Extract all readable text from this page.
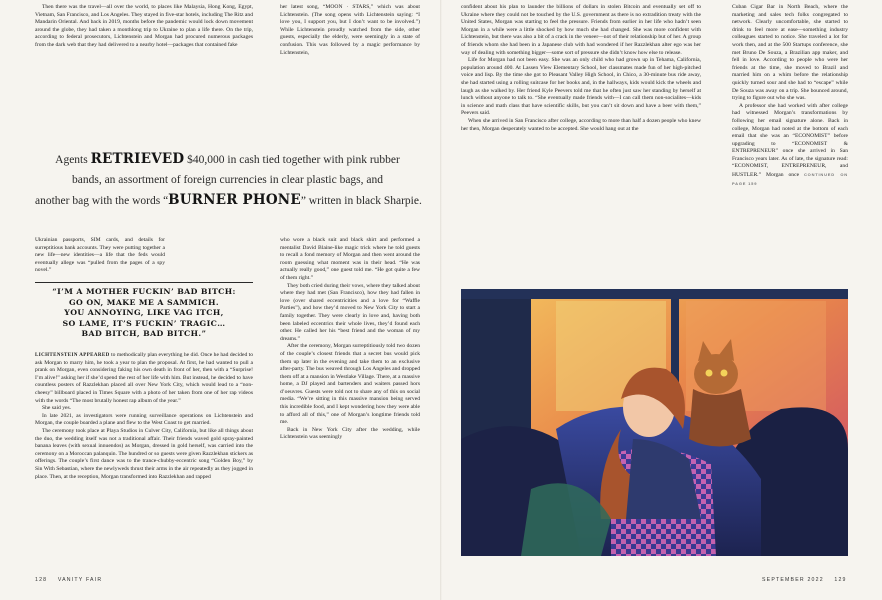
Then there was the travel—all over the world, to places like Malaysia, Hong Kong, Egypt, Vietnam, San Francisco, and Los Angeles. They stayed in five-star hotels, including The Ritz and Mandarin Oriental. And back in 2019, months before the pandemic would lock down movement around the globe, they had taken a monthlong trip to Ukraine to plan a life there. On the trip, according to federal prosecutors, Lichtenstein and Morgan had procured numerous packages from the dark web that they had delivered to a nearby hotel—packages that contained fake

her latest song, “MOON · STARS,” which was about Lichtenstein. (The song opens with Lichtenstein saying: “I love you, I support you, but I don’t want to be involved.”) While Lichtenstein proudly watched from the side, other guests, especially the elderly, were seemingly in a state of confusion. This was followed by a magic performance by Lichtenstein,

Agents RETRIEVED $40,000 in cash tied together with pink rubber
bands, an assortment of foreign currencies in clear plastic bags, and
another bag with the words “BURNER PHONE” written in black Sharpie.

Ukrainian passports, SIM cards, and details for surreptitious bank accounts. They were putting together a new life—new identities—a life that the feds would eventually allege was “pulled from the pages of a spy novel.”

“I’M A MOTHER FUCKIN’ BAD BITCH:
GO ON, MAKE ME A SAMMICH.
YOU ANNOYING, LIKE VAG ITCH,
SO LAME, IT’S FUCKIN’ TRAGIC…
BAD BITCH, BAD BITCH.”

LICHTENSTEIN APPEARED to methodically plan everything he did. Once he had decided to ask Morgan to marry him, he took a year to plan the proposal. At first, he had wanted to pull a prank on Morgan, even considering faking his own death in front of her, then with a “Surprise! I’m alive!” asking her if she’d spend the rest of her life with him. But instead, he decided to have countless posters of Razzlekhan placed all over New York City, which would lead to a “non-cheesy” billboard placed in Times Square with a photo of her taken from one of her rap videos with the words “The most brutally honest rap album of the year.”

She said yes.

In late 2021, as investigators were running surveillance operations on Lichtenstein and Morgan, the couple boarded a plane and flew to the West Coast to get married.

The ceremony took place at Playa Studios in Culver City, California, but like all things about the duo, the wedding itself was not a traditional affair. Their friends waved gold spray-painted banana leaves (with sexual innuendos) as Morgan, dressed in gold herself, was carried into the ceremony on a Moroccan palanquin. The hundred or so guests were given Razzlekhan stickers as offerings. The couple’s first dance was to the trance-chubby-eccentric song “Golden Boy,” by Sin With Sebastian, where the newlyweds thrust their arms in the air repeatedly as they jogged in place. Then, at the reception, Morgan transformed into Razzlekhan and rapped

who wore a black suit and black shirt and performed a mentalist David Blaine-like magic trick where he told guests to recall a fond memory of Morgan and then went around the room guessing what moment was in their head. “He was actually really good,” one guest told me. “He got quite a few of them right.”

They both cried during their vows, where they talked about where they had met (San Francisco), how they had fallen in love (over shared eccentricities and a love for “Waffle Parties”), and how they’d moved to New York City to start a family together. They were clearly in love and, having both been labeled eccentrics their whole lives, they’d found each other. He called her his “best friend and the woman of my dreams.”

After the ceremony, Morgan surreptitiously told two dozen of the couple’s closest friends that a secret bus would pick them up later in the evening and take them to an exclusive after-party. The bus weaved through Los Angeles and dropped them off at a mansion in Westlake Village. There, at a massive home, a DJ played and bartenders and waiters passed hors d’oeuvres. Guests were told not to share any of this on social media. “We’re sitting in this massive mansion being served this incredible food, and I kept wondering how they were able to afford all of this,” one of Morgan’s longtime friends told me.

Back in New York City after the wedding, while Lichtenstein was seemingly

confident about his plan to launder the billions of dollars in stolen Bitcoin and eventually set off to Ukraine where they could not be touched by the U.S. government as there is no extradition treaty with the United States, Morgan was starting to feel the pressure. Friends from earlier in her life who hadn’t seen Morgan in a while were a little shocked by how much she had changed. She was more confident with Lichtenstein, but there was also a bit of a crack in the veneer—not of their relationship but of her. A group of friends whom she had been in a Japanese club with had wondered if her Razzlekhan alter ego was her way of dealing with something bigger—some sort of pressure she didn’t know how else to release.

Life for Morgan had not been easy. She was an only child who had grown up in Tehama, California, population around 400. At Lassen View Elementary School, her classmates made fun of her high-pitched voice and lisp. By the time she got to Pleasant Valley High School, in Chico, a 30-minute bus ride away, she had started using a rolling suitcase for her books and, in the hallways, kids would kick the wheels and laugh as she walked by. Her friend Kyle Peevers told me that he often just saw her standing by herself at lunch without anyone to talk to. “She eventually made friends with—I can call them non-socialites—kids in science and math class that have scientific skills, but you can’t sit down and have a beer with them,” Peevers said.

When she arrived in San Francisco after college, according to more than half a dozen people who knew her then, Morgan desperately wanted to be accepted. She would hang out at the

Cuban Cigar Bar in North Beach, where the marketing and sales tech folks congregated to network. Clearly uncomfortable, she started to drink to feel more at ease—something industry colleagues started to notice. She traveled a lot for work then, and at the 500 Startups conference, she met Bruno De Souza, a Brazilian app maker, and fell in love. According to people who were her friends at the time, she moved to Brazil and married him on a whim before the relationship quickly turned sour and she had to “escape” while De Souza was away on a trip. She bounced around, trying to figure out who she was.

A professor she had worked with after college had witnessed Morgan’s transformations by following her email signature alone. Back in college, Morgan had noted at the bottom of each email that she was an “ECONOMIST” before upgrading to “ECONOMIST & ENTREPRENEUR” once she arrived in San Francisco years later. As of late, the signature read: “ECONOMIST, ENTREPRENEUR, and HUSTLER.” Morgan once CONTINUED ON PAGE 159

128 VANITY FAIR	SEPTEMBER 2022 129
